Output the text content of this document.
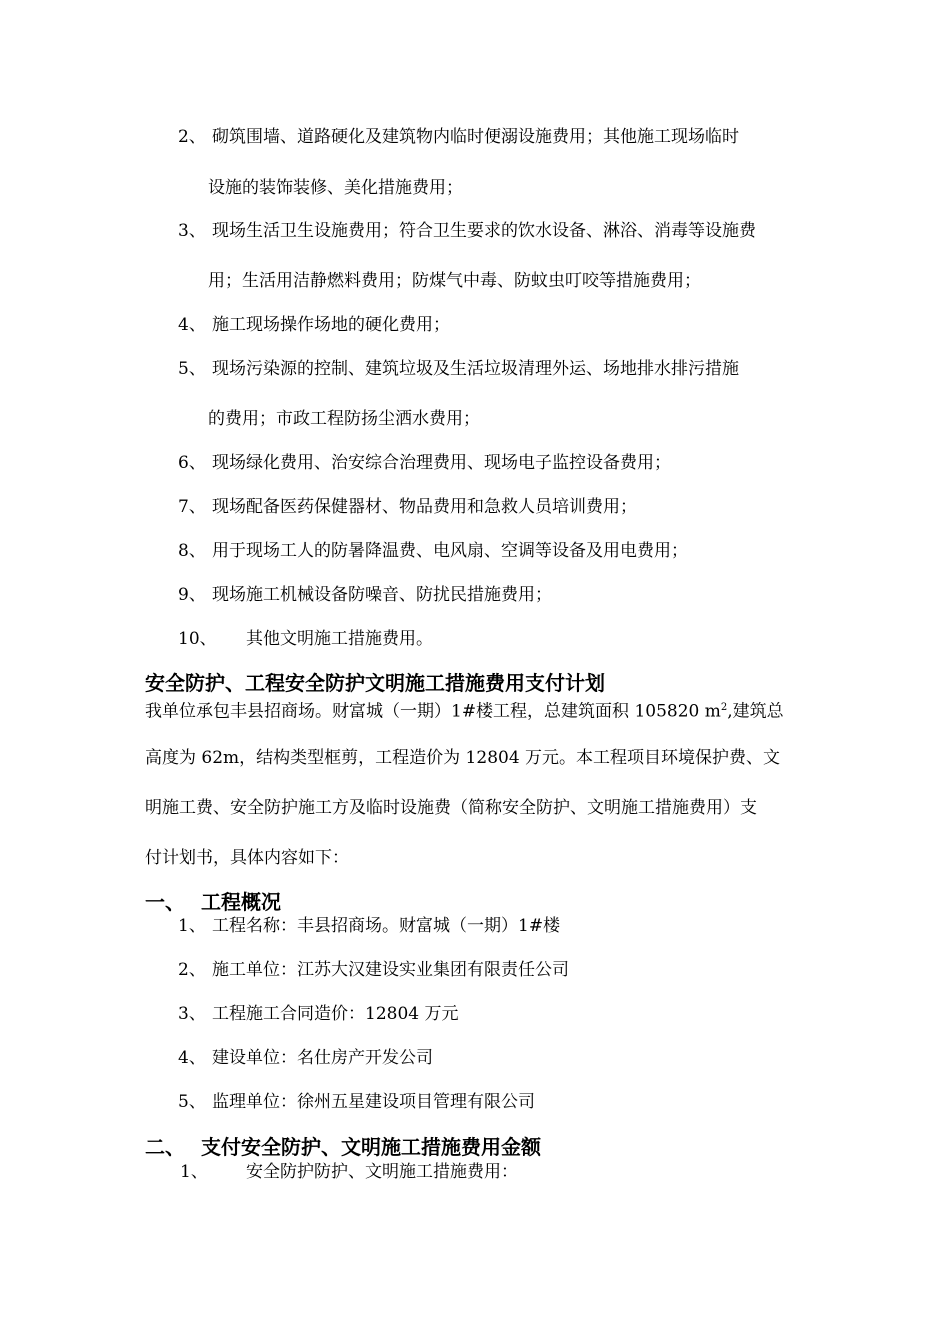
2、 砌筑围墙、道路硬化及建筑物内临时便溺设施费用；其他施工现场临时
设施的装饰装修、美化措施费用；
3、 现场生活卫生设施费用；符合卫生要求的饮水设备、淋浴、消毒等设施费
用；生活用洁静燃料费用；防煤气中毒、防蚊虫叮咬等措施费用；
4、 施工现场操作场地的硬化费用；
5、 现场污染源的控制、建筑垃圾及生活垃圾清理外运、场地排水排污措施
的费用；市政工程防扬尘洒水费用；
6、 现场绿化费用、治安综合治理费用、现场电子监控设备费用；
7、 现场配备医药保健器材、物品费用和急救人员培训费用；
8、 用于现场工人的防暑降温费、电风扇、空调等设备及用电费用；
9、 现场施工机械设备防噪音、防扰民措施费用；
10、 其他文明施工措施费用。
安全防护、工程安全防护文明施工措施费用支付计划
我单位承包丰县招商场。财富城（一期）1#楼工程，总建筑面积 105820 $m^2$,建筑总
高度为 62m，结构类型框剪，工程造价为 12804 万元。本工程项目环境保护费、文
明施工费、安全防护施工方及临时设施费（简称安全防护、文明施工措施费用）支
付计划书，具体内容如下：
一、 工程概况
1、 工程名称：丰县招商场。财富城（一期）1#楼
2、 施工单位：江苏大汉建设实业集团有限责任公司
3、 工程施工合同造价：12804 万元
4、 建设单位：名仕房产开发公司
5、 监理单位：徐州五星建设项目管理有限公司
二、 支付安全防护、文明施工措施费用金额
1、 安全防护防护、文明施工措施费用：
